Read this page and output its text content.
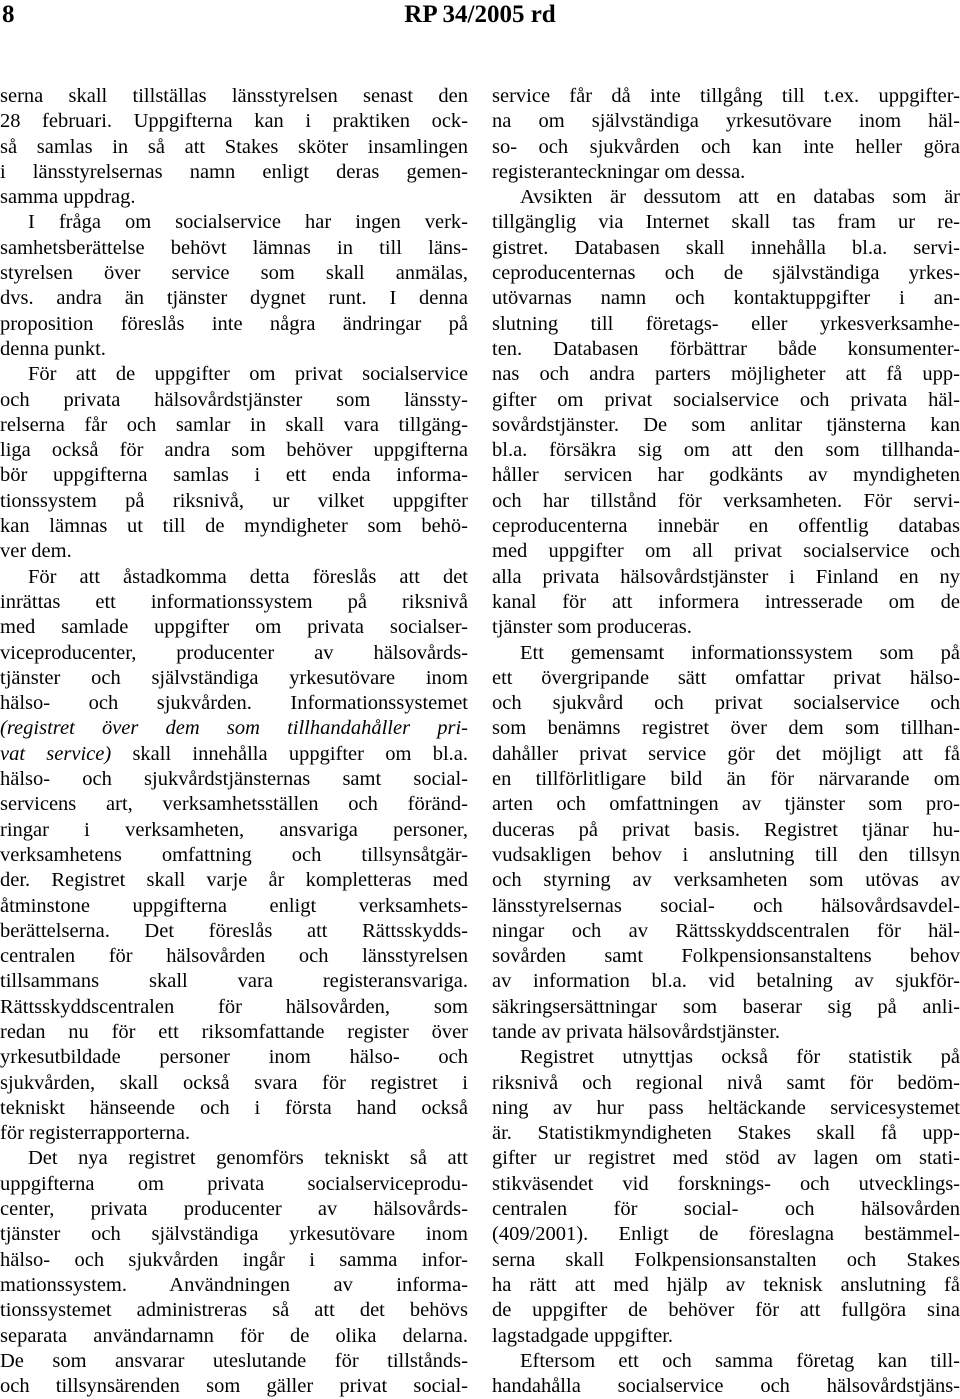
8	RP 34/2005 rd
serna skall tillställas länsstyrelsen senast den
28 februari. Uppgifterna kan i praktiken ock-
så samlas in så att Stakes sköter insamlingen
i länsstyrelsernas namn enligt deras gemen-
samma uppdrag.
I fråga om socialservice har ingen verk-
samhetsberättelse behövt lämnas in till läns-
styrelsen över service som skall anmälas,
dvs. andra än tjänster dygnet runt. I denna
proposition föreslås inte några ändringar på
denna punkt.
För att de uppgifter om privat socialservice
och privata hälsovårdstjänster som länssty-
relserna får och samlar in skall vara tillgäng-
liga också för andra som behöver uppgifterna
bör uppgifterna samlas i ett enda informa-
tionssystem på riksnivå, ur vilket uppgifter
kan lämnas ut till de myndigheter som behö-
ver dem.
För att åstadkomma detta föreslås att det
inrättas ett informationssystem på riksnivå
med samlade uppgifter om privata socialser-
viceproducenter, producenter av hälsovårds-
tjänster och självständiga yrkesutövare inom
hälso- och sjukvården. Informationssystemet
(registret över dem som tillhandahåller pri-
vat service) skall innehålla uppgifter om bl.a.
hälso- och sjukvårdstjänsternas samt social-
servicens art, verksamhetsställen och föränd-
ringar i verksamheten, ansvariga personer,
verksamhetens omfattning och tillsynsåtgär-
der. Registret skall varje år kompletteras med
åtminstone uppgifterna enligt verksamhets-
berättelserna. Det föreslås att Rättsskydds-
centralen för hälsovården och länsstyrelsen
tillsammans skall vara registeransvariga.
Rättsskyddscentralen för hälsovården, som
redan nu för ett riksomfattande register över
yrkesutbildade personer inom hälso- och
sjukvården, skall också svara för registret i
tekniskt hänseende och i första hand också
för registerrapporterna.
Det nya registret genomförs tekniskt så att
uppgifterna om privata socialserviceprodu-
center, privata producenter av hälsovårds-
tjänster och självständiga yrkesutövare inom
hälso- och sjukvården ingår i samma infor-
mationssystem. Användningen av informa-
tionssystemet administreras så att det behövs
separata användarnamn för de olika delarna.
De som ansvarar uteslutande för tillstånds-
och tillsynsärenden som gäller privat social-
service får då inte tillgång till t.ex. uppgifter-
na om självständiga yrkesutövare inom häl-
so- och sjukvården och kan inte heller göra
registeranteckningar om dessa.
Avsikten är dessutom att en databas som är
tillgänglig via Internet skall tas fram ur re-
gistret. Databasen skall innehålla bl.a. servi-
ceproducenternas och de självständiga yrkes-
utövarnas namn och kontaktuppgifter i an-
slutning till företags- eller yrkesverksamhe-
ten. Databasen förbättrar både konsumenter-
nas och andra parters möjligheter att få upp-
gifter om privat socialservice och privata häl-
sovårdstjänster. De som anlitar tjänsterna kan
bl.a. försäkra sig om att den som tillhanda-
håller servicen har godkänts av myndigheten
och har tillstånd för verksamheten. För servi-
ceproducenterna innebär en offentlig databas
med uppgifter om all privat socialservice och
alla privata hälsovårdstjänster i Finland en ny
kanal för att informera intresserade om de
tjänster som produceras.
Ett gemensamt informationssystem som på
ett övergripande sätt omfattar privat hälso-
och sjukvård och privat socialservice och
som benämns registret över dem som tillhan-
dahåller privat service gör det möjligt att få
en tillförlitligare bild än för närvarande om
arten och omfattningen av tjänster som pro-
duceras på privat basis. Registret tjänar hu-
vudsakligen behov i anslutning till den tillsyn
och styrning av verksamheten som utövas av
länsstyrelsernas social- och hälsovårdsavdel-
ningar och av Rättsskyddscentralen för häl-
sovården samt Folkpensionsanstaltens behov
av information bl.a. vid betalning av sjukför-
säkringsersättningar som baserar sig på anli-
tande av privata hälsovårdstjänster.
Registret utnyttjas också för statistik på
riksnivå och regional nivå samt för bedöm-
ning av hur pass heltäckande servicesystemet
är. Statistikmyndigheten Stakes skall få upp-
gifter ur registret med stöd av lagen om stati-
stikväsendet vid forsknings- och utvecklings-
centralen för social- och hälsovården
(409/2001). Enligt de föreslagna bestämmel-
serna skall Folkpensionsanstalten och Stakes
ha rätt att med hjälp av teknisk anslutning få
de uppgifter de behöver för att fullgöra sina
lagstadgade uppgifter.
Eftersom ett och samma företag kan till-
handahålla socialservice och hälsovårdstjäns-
